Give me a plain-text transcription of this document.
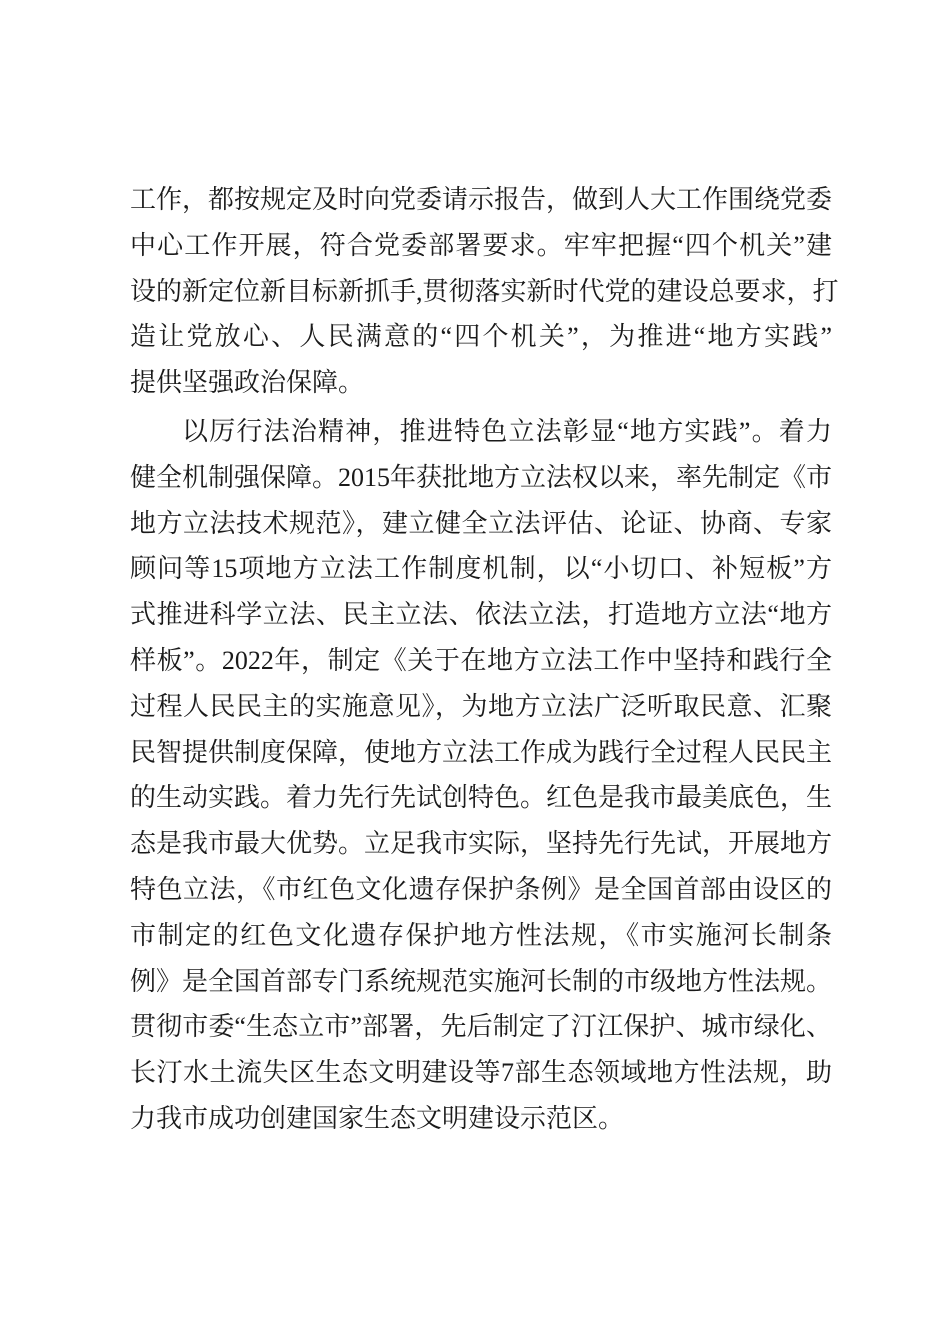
工作，都按规定及时向党委请示报告，做到人大工作围绕党委
中心工作开展，符合党委部署要求。牢牢把握“四个机关”建
设的新定位新目标新抓手,贯彻落实新时代党的建设总要求，打
造让党放心、人民满意的“四个机关”，为推进“地方实践”
提供坚强政治保障。
以厉行法治精神，推进特色立法彰显“地方实践”。着力
健全机制强保障。2015年获批地方立法权以来，率先制定《市
地方立法技术规范》，建立健全立法评估、论证、协商、专家
顾问等15项地方立法工作制度机制，以“小切口、补短板”方
式推进科学立法、民主立法、依法立法，打造地方立法“地方
样板”。2022年，制定《关于在地方立法工作中坚持和践行全
过程人民民主的实施意见》，为地方立法广泛听取民意、汇聚
民智提供制度保障，使地方立法工作成为践行全过程人民民主
的生动实践。着力先行先试创特色。红色是我市最美底色，生
态是我市最大优势。立足我市实际，坚持先行先试，开展地方
特色立法，《市红色文化遗存保护条例》是全国首部由设区的
市制定的红色文化遗存保护地方性法规，《市实施河长制条
例》是全国首部专门系统规范实施河长制的市级地方性法规。
贯彻市委“生态立市”部署，先后制定了汀江保护、城市绿化、
长汀水土流失区生态文明建设等7部生态领域地方性法规，助
力我市成功创建国家生态文明建设示范区。
